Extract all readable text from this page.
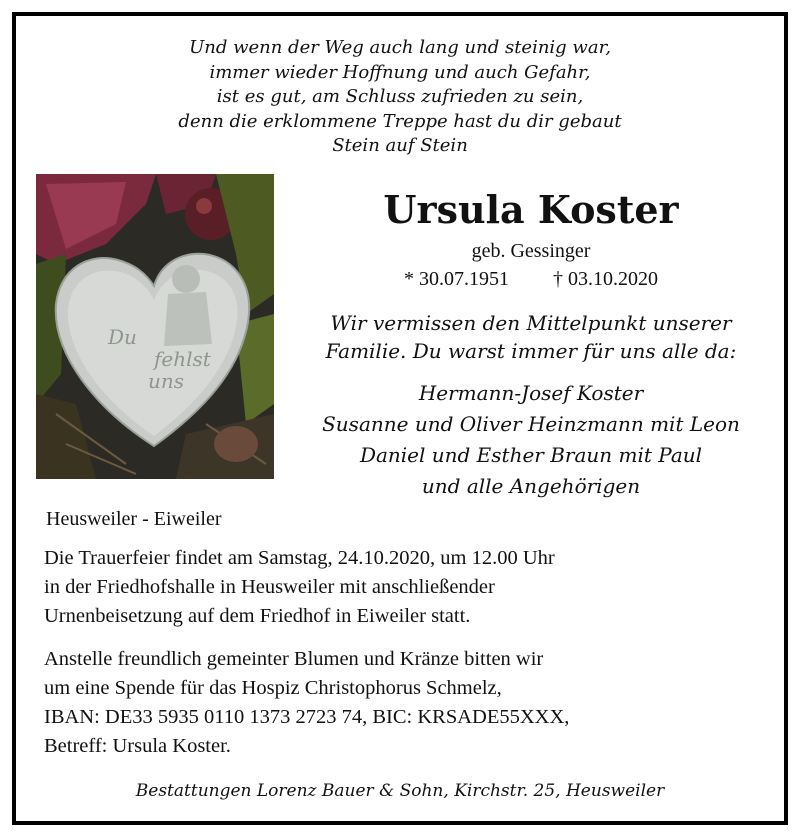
Und wenn der Weg auch lang und steinig war,
immer wieder Hoffnung und auch Gefahr,
ist es gut, am Schluss zufrieden zu sein,
denn die erklommene Treppe hast du dir gebaut
Stein auf Stein
Du
fehlst
uns
Ursula Koster
geb. Gessinger
* 30.07.1951 † 03.10.2020
Wir vermissen den Mittelpunkt unserer
Familie. Du warst immer für uns alle da:
Hermann-Josef Koster
Susanne und Oliver Heinzmann mit Leon
Daniel und Esther Braun mit Paul
und alle Angehörigen
Heusweiler - Eiweiler
Die Trauerfeier findet am Samstag, 24.10.2020, um 12.00 Uhr
in der Friedhofshalle in Heusweiler mit anschließender
Urnenbeisetzung auf dem Friedhof in Eiweiler statt.
Anstelle freundlich gemeinter Blumen und Kränze bitten wir
um eine Spende für das Hospiz Christophorus Schmelz,
IBAN: DE33 5935 0110 1373 2723 74, BIC: KRSADE55XXX,
Betreff: Ursula Koster.
Bestattungen Lorenz Bauer & Sohn, Kirchstr. 25, Heusweiler
